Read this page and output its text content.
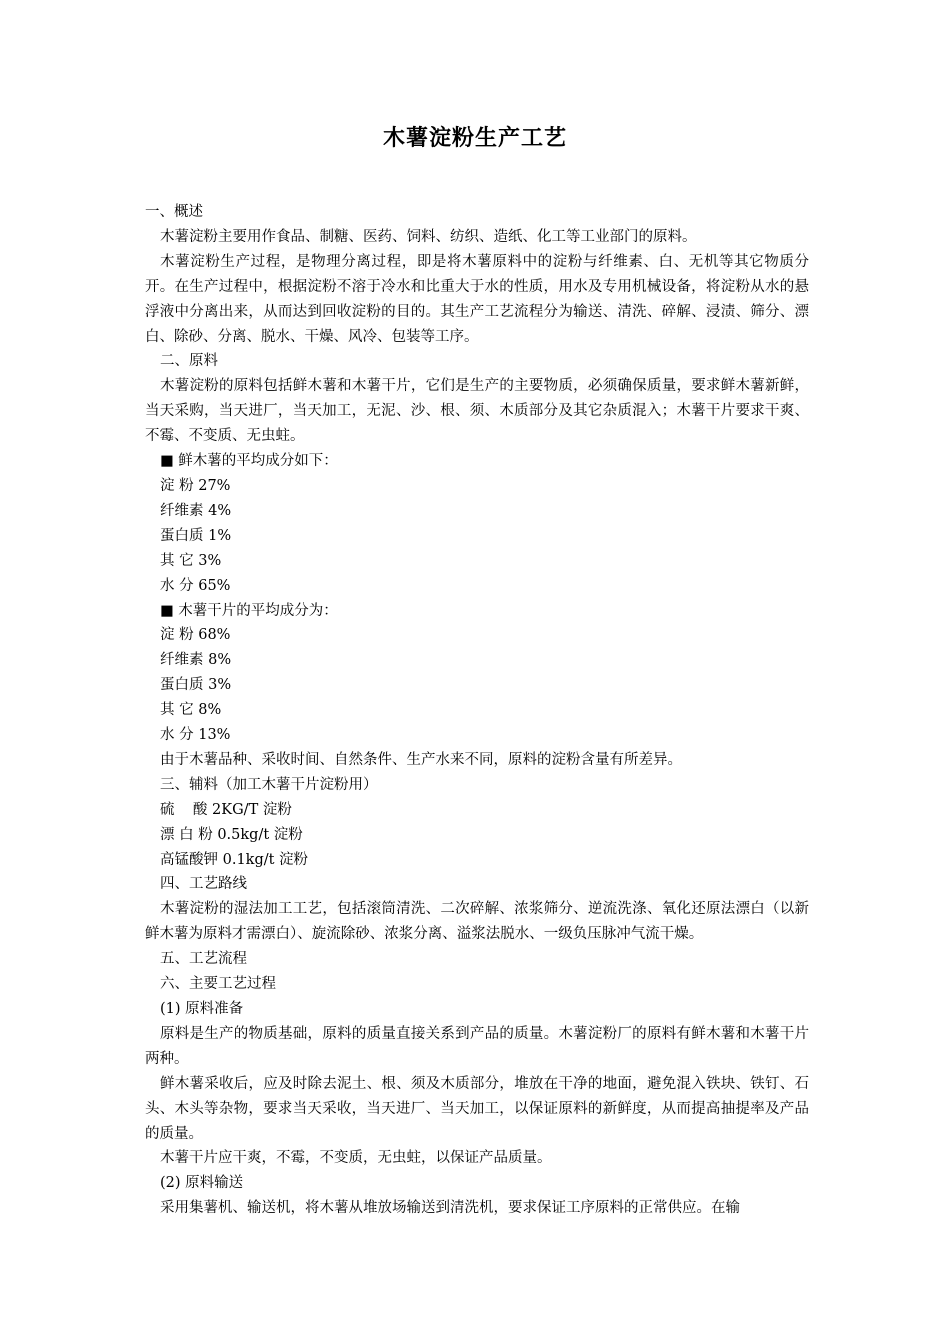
木薯淀粉生产工艺

一、概述

木薯淀粉主要用作食品、制糖、医药、饲料、纺织、造纸、化工等工业部门的原料。

木薯淀粉生产过程，是物理分离过程，即是将木薯原料中的淀粉与纤维素、白、无机等其它物质分开。在生产过程中，根据淀粉不溶于冷水和比重大于水的性质，用水及专用机械设备，将淀粉从水的悬浮液中分离出来，从而达到回收淀粉的目的。其生产工艺流程分为输送、清洗、碎解、浸渍、筛分、漂白、除砂、分离、脱水、干燥、风冷、包装等工序。

二、原料

木薯淀粉的原料包括鲜木薯和木薯干片，它们是生产的主要物质，必须确保质量，要求鲜木薯新鲜，当天采购，当天进厂，当天加工，无泥、沙、根、须、木质部分及其它杂质混入；木薯干片要求干爽、不霉、不变质、无虫蛀。

■ 鲜木薯的平均成分如下：

淀 粉 27%

纤维素 4%

蛋白质 1%

其 它 3%

水 分 65%

■ 木薯干片的平均成分为：

淀 粉 68%

纤维素 8%

蛋白质 3%

其 它 8%

水 分 13%

由于木薯品种、采收时间、自然条件、生产水来不同，原料的淀粉含量有所差异。

三、辅料（加工木薯干片淀粉用）

硫    酸 2KG/T 淀粉

漂 白 粉 0.5kg/t 淀粉

高锰酸钾 0.1kg/t 淀粉

四、工艺路线

木薯淀粉的湿法加工工艺，包括滚筒清洗、二次碎解、浓浆筛分、逆流洗涤、氧化还原法漂白（以新鲜木薯为原料才需漂白）、旋流除砂、浓浆分离、溢浆法脱水、一级负压脉冲气流干燥。

五、工艺流程

六、主要工艺过程

(1) 原料准备

原料是生产的物质基础，原料的质量直接关系到产品的质量。木薯淀粉厂的原料有鲜木薯和木薯干片两种。

鲜木薯采收后，应及时除去泥土、根、须及木质部分，堆放在干净的地面，避免混入铁块、铁钉、石头、木头等杂物，要求当天采收，当天进厂、当天加工，以保证原料的新鲜度，从而提高抽提率及产品的质量。

木薯干片应干爽，不霉，不变质，无虫蛀，以保证产品质量。

(2) 原料输送

采用集薯机、输送机，将木薯从堆放场输送到清洗机，要求保证工序原料的正常供应。在输
